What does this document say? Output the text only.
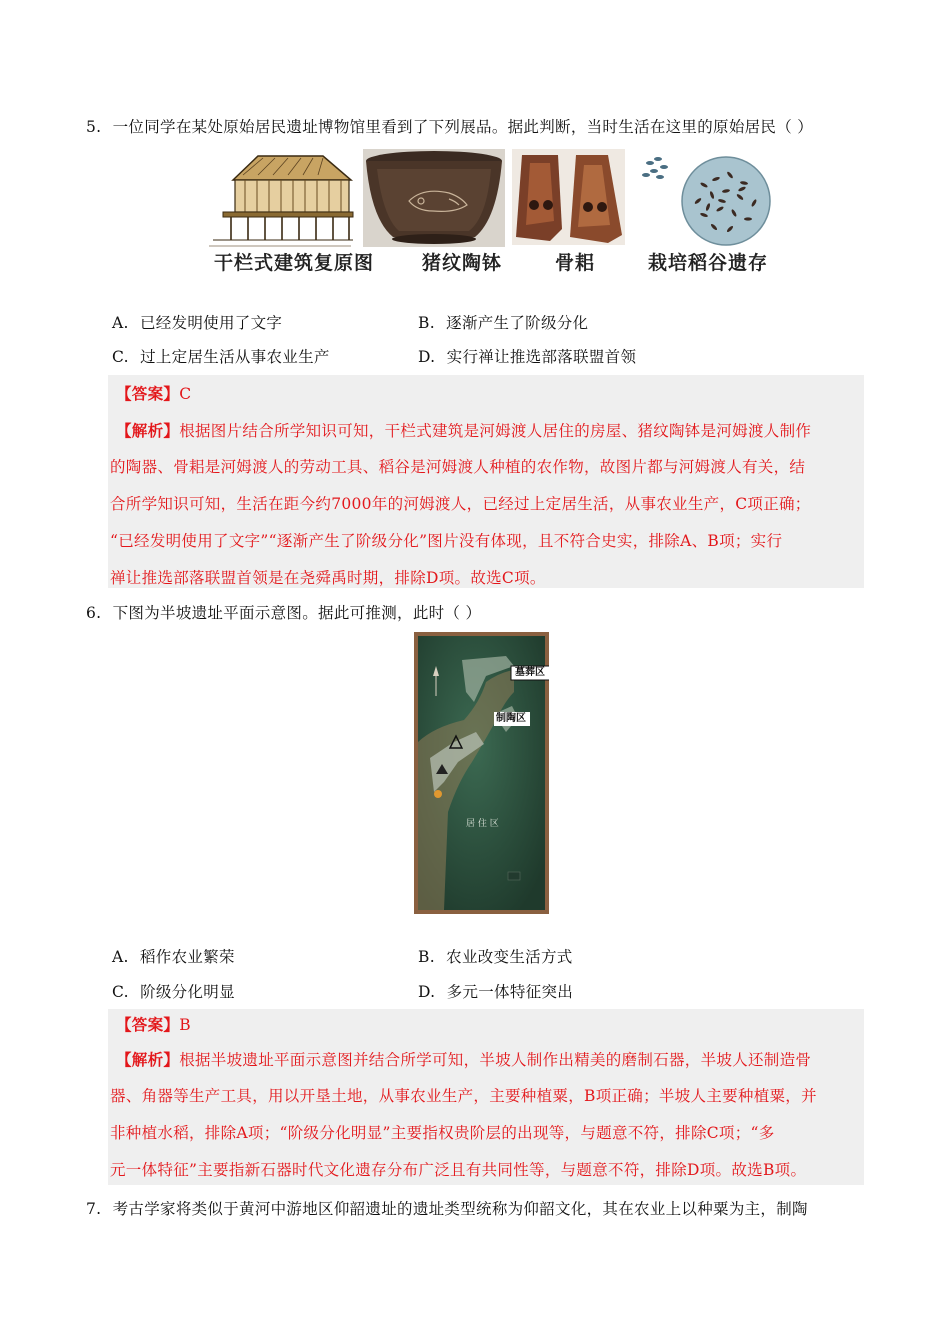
5. 一位同学在某处原始居民遗址博物馆里看到了下列展品。据此判断，当时生活在这里的原始居民（ ）
干栏式建筑复原图	猪纹陶钵	骨耜	栽培稻谷遗存
A. 已经发明使用了文字	B. 逐渐产生了阶级分化
C. 过上定居生活从事农业生产	D. 实行禅让推选部落联盟首领
【答案】C
【解析】根据图片结合所学知识可知，干栏式建筑是河姆渡人居住的房屋、猪纹陶钵是河姆渡人制作
的陶器、骨耜是河姆渡人的劳动工具、稻谷是河姆渡人种植的农作物，故图片都与河姆渡人有关，结
合所学知识可知，生活在距今约7000年的河姆渡人，已经过上定居生活，从事农业生产，C项正确；
“已经发明使用了文字”“逐渐产生了阶级分化”图片没有体现，且不符合史实，排除A、B项；实行
禅让推选部落联盟首领是在尧舜禹时期，排除D项。故选C项。
6. 下图为半坡遗址平面示意图。据此可推测，此时（ ）
墓葬区
制陶区
居 住 区
A. 稻作农业繁荣	B. 农业改变生活方式
C. 阶级分化明显	D. 多元一体特征突出
【答案】B
【解析】根据半坡遗址平面示意图并结合所学可知，半坡人制作出精美的磨制石器，半坡人还制造骨
器、角器等生产工具，用以开垦土地，从事农业生产，主要种植粟，B项正确；半坡人主要种植粟，并
非种植水稻，排除A项；“阶级分化明显”主要指权贵阶层的出现等，与题意不符，排除C项；“多
元一体特征”主要指新石器时代文化遗存分布广泛且有共同性等，与题意不符，排除D项。故选B项。
7. 考古学家将类似于黄河中游地区仰韶遗址的遗址类型统称为仰韶文化，其在农业上以种粟为主，制陶
